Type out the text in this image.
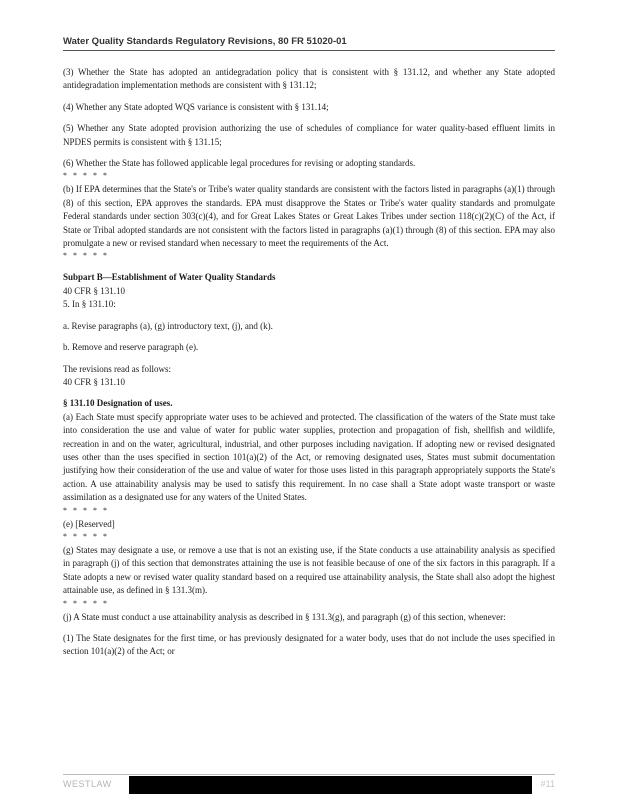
Water Quality Standards Regulatory Revisions, 80 FR 51020-01

(3) Whether the State has adopted an antidegradation policy that is consistent with § 131.12, and whether any State adopted antidegradation implementation methods are consistent with § 131.12;

(4) Whether any State adopted WQS variance is consistent with § 131.14;

(5) Whether any State adopted provision authorizing the use of schedules of compliance for water quality-based effluent limits in NPDES permits is consistent with § 131.15;

(6) Whether the State has followed applicable legal procedures for revising or adopting standards.

* * * * *

(b) If EPA determines that the State's or Tribe's water quality standards are consistent with the factors listed in paragraphs (a)(1) through (8) of this section, EPA approves the standards. EPA must disapprove the States or Tribe's water quality standards and promulgate Federal standards under section 303(c)(4), and for Great Lakes States or Great Lakes Tribes under section 118(c)(2)(C) of the Act, if State or Tribal adopted standards are not consistent with the factors listed in paragraphs (a)(1) through (8) of this section. EPA may also promulgate a new or revised standard when necessary to meet the requirements of the Act.

* * * * *
Subpart B—Establishment of Water Quality Standards

40 CFR § 131.10

5. In § 131.10:

a. Revise paragraphs (a), (g) introductory text, (j), and (k).

b. Remove and reserve paragraph (e).

The revisions read as follows:

40 CFR § 131.10

§ 131.10 Designation of uses.

(a) Each State must specify appropriate water uses to be achieved and protected. The classification of the waters of the State must take into consideration the use and value of water for public water supplies, protection and propagation of fish, shellfish and wildlife, recreation in and on the water, agricultural, industrial, and other purposes including navigation. If adopting new or revised designated uses other than the uses specified in section 101(a)(2) of the Act, or removing designated uses, States must submit documentation justifying how their consideration of the use and value of water for those uses listed in this paragraph appropriately supports the State's action. A use attainability analysis may be used to satisfy this requirement. In no case shall a State adopt waste transport or waste assimilation as a designated use for any waters of the United States.

* * * * *

(e) [Reserved]

* * * * *

(g) States may designate a use, or remove a use that is not an existing use, if the State conducts a use attainability analysis as specified in paragraph (j) of this section that demonstrates attaining the use is not feasible because of one of the six factors in this paragraph. If a State adopts a new or revised water quality standard based on a required use attainability analysis, the State shall also adopt the highest attainable use, as defined in § 131.3(m).

* * * * *

(j) A State must conduct a use attainability analysis as described in § 131.3(g), and paragraph (g) of this section, whenever:

(1) The State designates for the first time, or has previously designated for a water body, uses that do not include the uses specified in section 101(a)(2) of the Act; or

WESTLAW	#11
